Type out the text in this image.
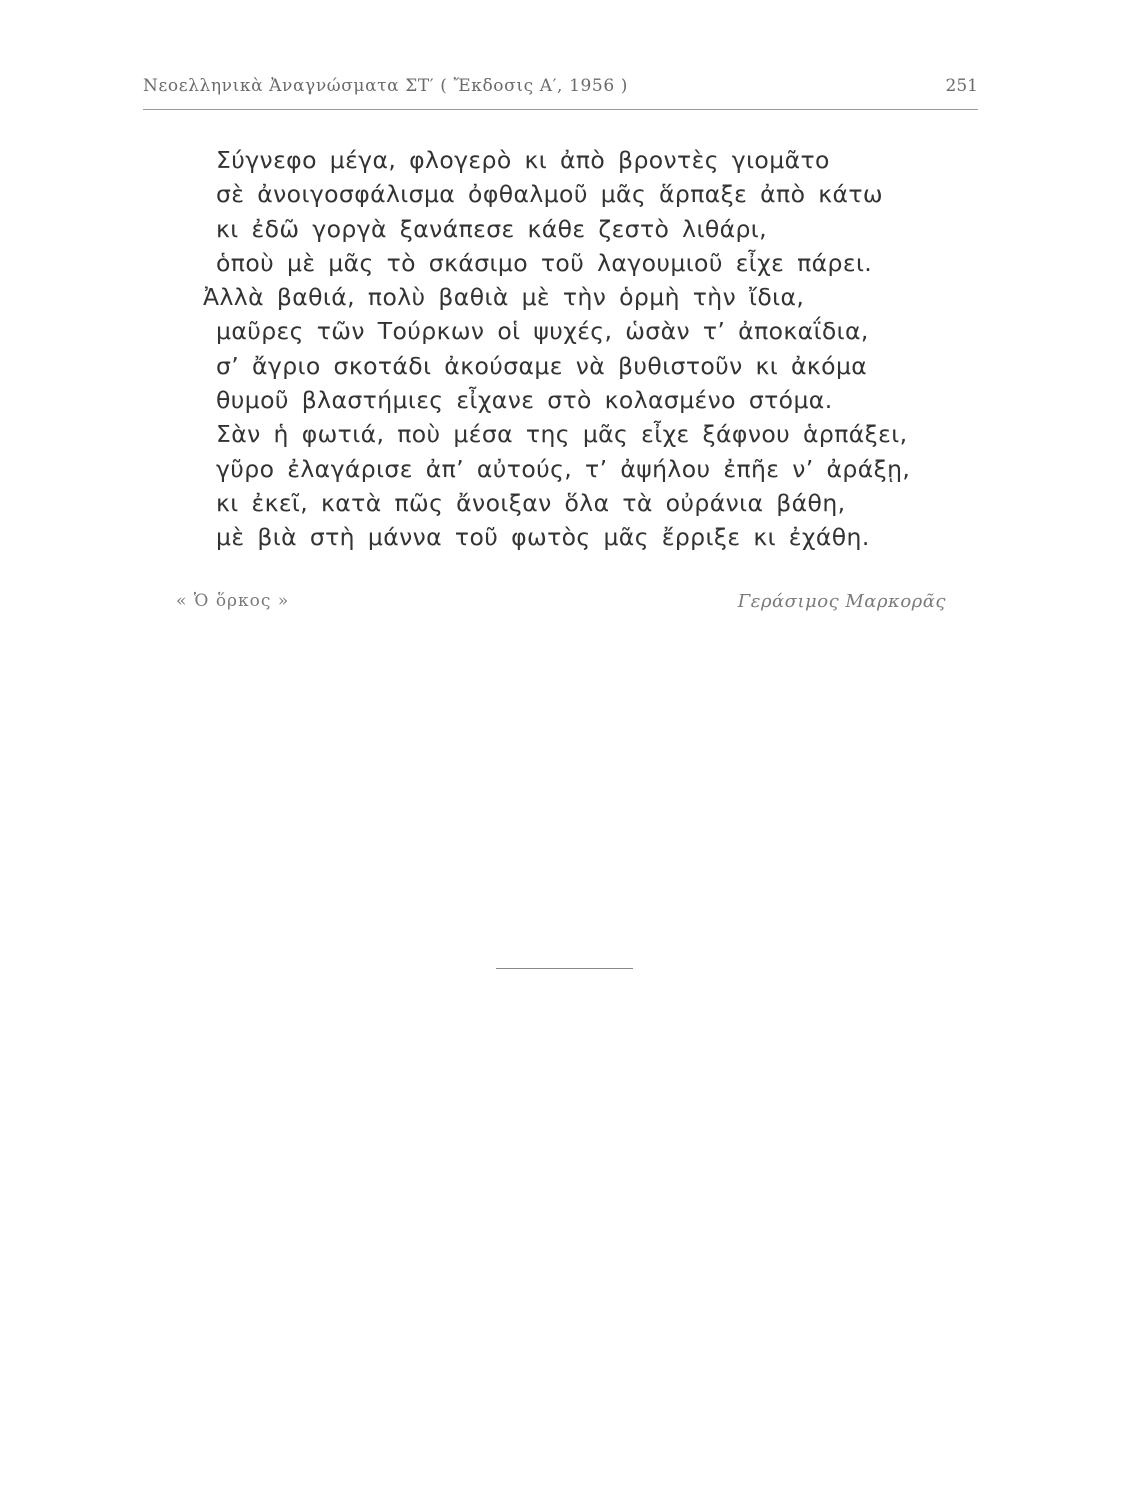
Νεοελληνικὰ Ἀναγνώσματα ΣΤ′ ( Ἔκδοσις Α′, 1956 )	251
Σύγνεφο μέγα, φλογερὸ κι ἀπὸ βροντὲς γιομᾶτο
σὲ ἀνοιγοσφάλισμα ὀφθαλμοῦ μᾶς ἅρπαξε ἀπὸ κάτω
κι ἐδῶ γοργὰ ξανάπεσε κάθε ζεστὸ λιθάρι,
ὁποὺ μὲ μᾶς τὸ σκάσιμο τοῦ λαγουμιοῦ εἶχε πάρει.
Ἀλλὰ βαθιά, πολὺ βαθιὰ μὲ τὴν ὁρμὴ τὴν ἴδια,
μαῦρες τῶν Τούρκων οἱ ψυχές, ὡσὰν τ’ ἀποκαΐδια,
σ’ ἄγριο σκοτάδι ἀκούσαμε νὰ βυθιστοῦν κι ἀκόμα
θυμοῦ βλαστήμιες εἶχανε στὸ κολασμένο στόμα.
Σὰν ἡ φωτιά, ποὺ μέσα της μᾶς εἶχε ξάφνου ἁρπάξει,
γῦρο ἐλαγάρισε ἀπ’ αὐτούς, τ’ ἀψήλου ἐπῆε ν’ ἀράξῃ,
κι ἐκεῖ, κατὰ πῶς ἄνοιξαν ὅλα τὰ οὐράνια βάθη,
μὲ βιὰ στὴ μάννα τοῦ φωτὸς μᾶς ἔρριξε κι ἐχάθη.
« Ὁ ὅρκος »	Γεράσιμος Μαρκορᾶς
